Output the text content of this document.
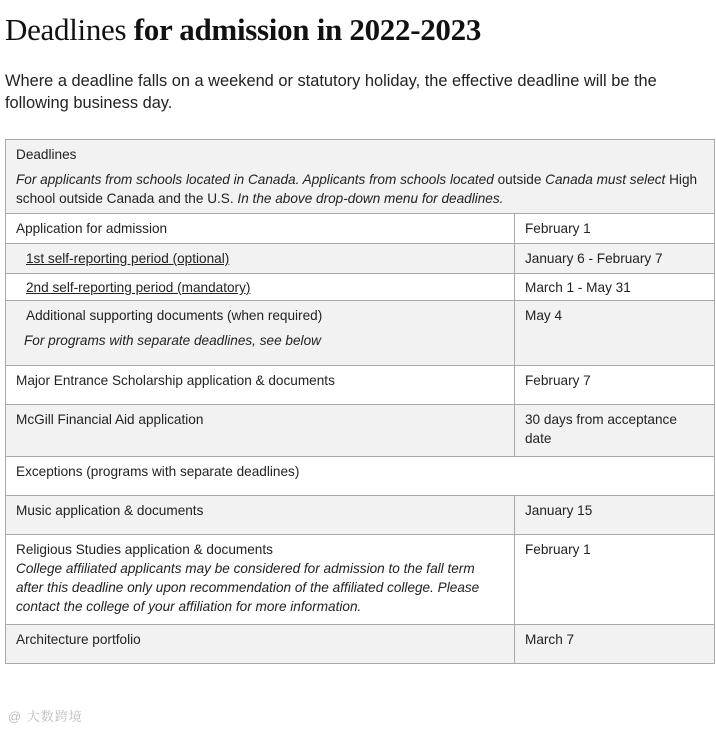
Deadlines for admission in 2022-2023

Where a deadline falls on a weekend or statutory holiday, the effective deadline will be the following business day.

Deadlines
For applicants from schools located in Canada. Applicants from schools located outside Canada must select High school outside Canada and the U.S. In the above drop-down menu for deadlines.	

Application for admission	February 1
1st self-reporting period (optional)	January 6 - February 7
2nd self-reporting period (mandatory)	March 1 - May 31

Additional supporting documents (when required)
For programs with separate deadlines, see below	May 4
Major Entrance Scholarship application & documents	February 7
McGill Financial Aid application	30 days from acceptance date
Exceptions (programs with separate deadlines)	
Music application & documents	January 15

Religious Studies application & documents
College affiliated applicants may be considered for admission to the fall term after this deadline only upon recommendation of the affiliated college. Please contact the college of your affiliation for more information.	February 1
Architecture portfolio	March 7
@ 大数跨境
